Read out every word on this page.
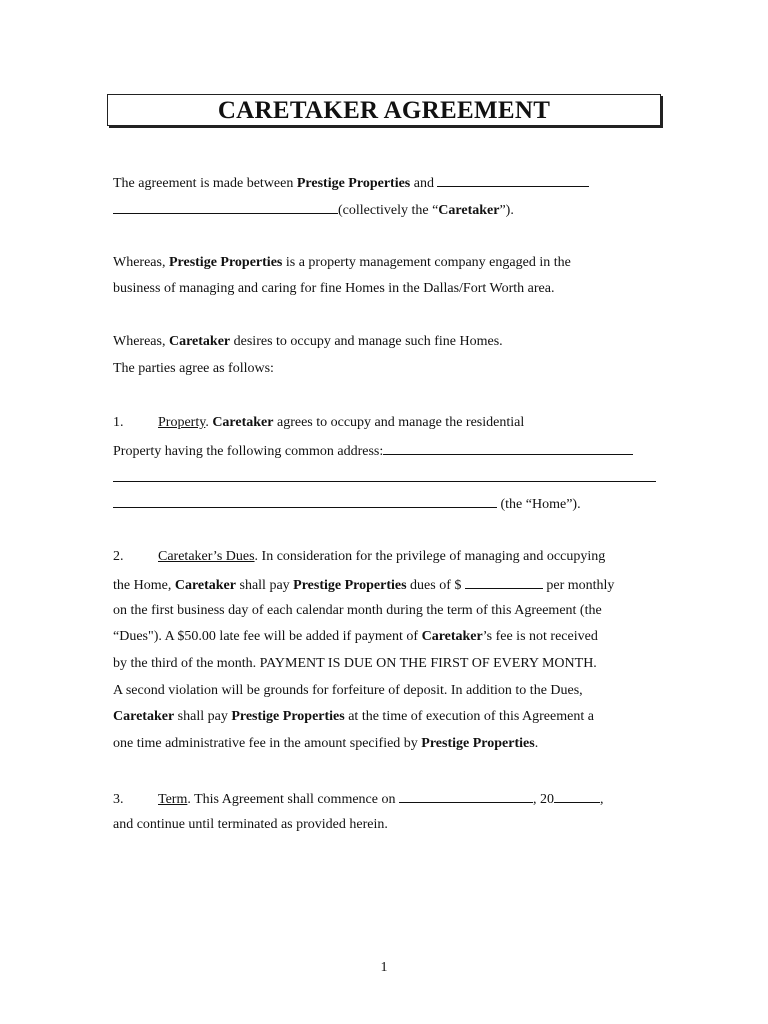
CARETAKER AGREEMENT
The agreement is made between Prestige Properties and
(collectively the “Caretaker”).
Whereas, Prestige Properties is a property management company engaged in the
business of managing and caring for fine Homes in the Dallas/Fort Worth area.
Whereas, Caretaker desires to occupy and manage such fine Homes.
The parties agree as follows:
1. Property. Caretaker agrees to occupy and manage the residential
Property having the following common address:
(the “Home”).
2. Caretaker’s Dues. In consideration for the privilege of managing and occupying
the Home, Caretaker shall pay Prestige Properties dues of $	per monthly
on the first business day of each calendar month during the term of this Agreement (the
“Dues"). A $50.00 late fee will be added if payment of Caretaker’s fee is not received
by the third of the month. PAYMENT IS DUE ON THE FIRST OF EVERY MONTH.
A second violation will be grounds for forfeiture of deposit. In addition to the Dues,
Caretaker shall pay Prestige Properties at the time of execution of this Agreement a
one time administrative fee in the amount specified by Prestige Properties.
3. Term. This Agreement shall commence on	, 20	,
and continue until terminated as provided herein.
1
